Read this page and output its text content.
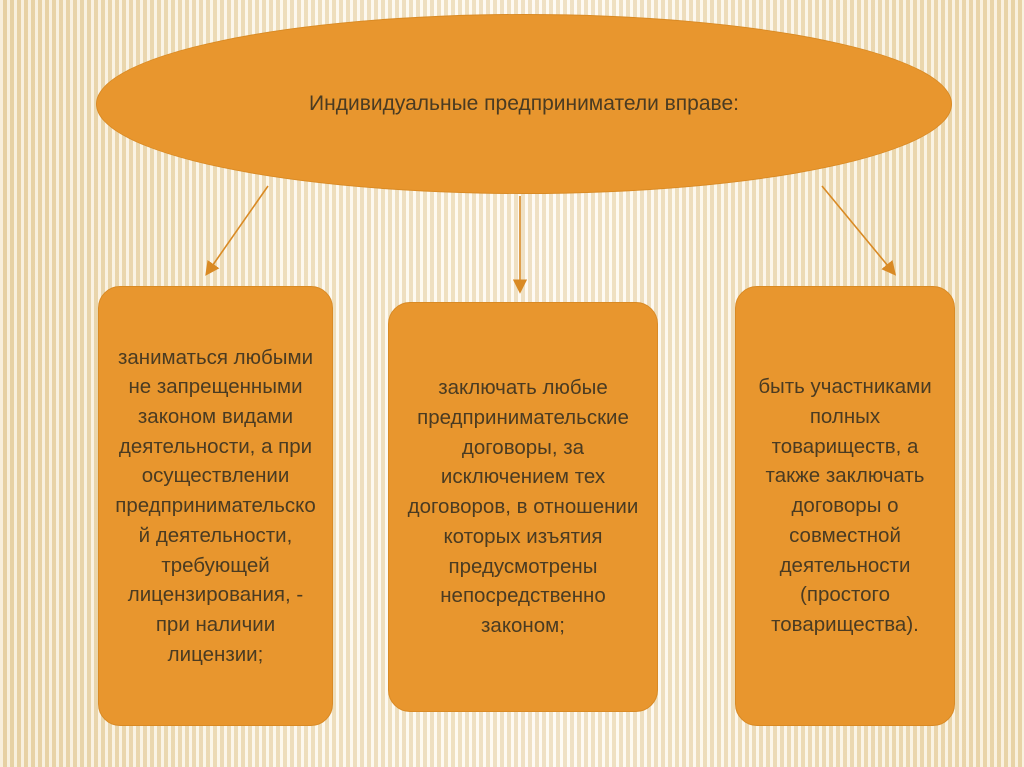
Индивидуальные предприниматели вправе:
заниматься любыми не запрещенными законом видами деятельности, а при осуществлении предпринимательской деятельности, требующей лицензирования, - при наличии лицензии;
заключать любые предпринимательские договоры, за исключением тех договоров, в отношении которых изъятия предусмотрены непосредственно законом;
быть участниками полных товариществ, а также заключать договоры о совместной деятельности (простого товарищества).
